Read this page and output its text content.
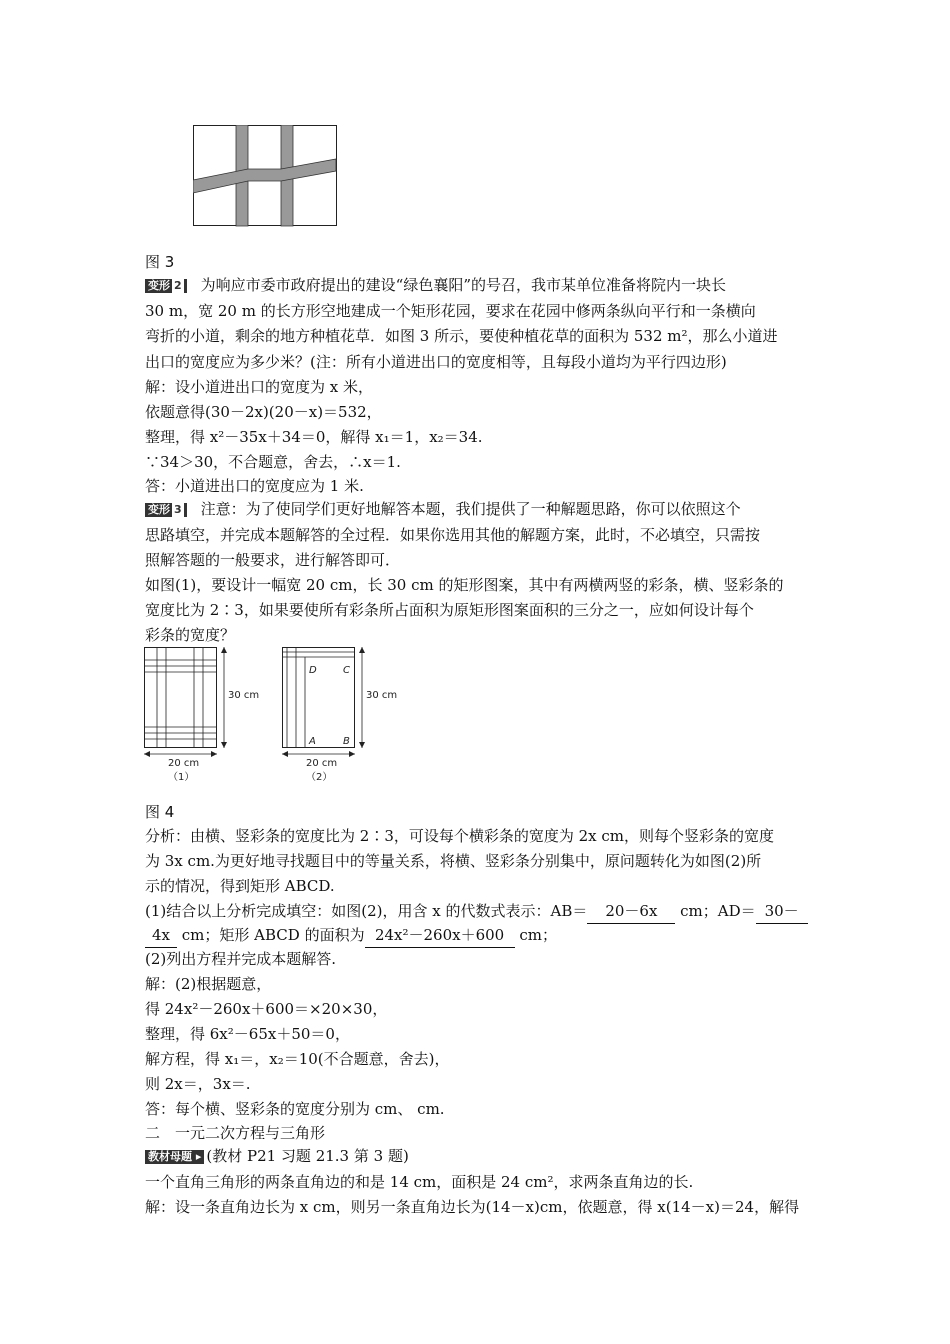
图 3
变形 2 为响应市委市政府提出的建设“绿色襄阳”的号召，我市某单位准备将院内一块长
30 m，宽 20 m 的长方形空地建成一个矩形花园，要求在花园中修两条纵向平行和一条横向
弯折的小道，剩余的地方种植花草．如图 3 所示，要使种植花草的面积为 532 m²，那么小道进
出口的宽度应为多少米？(注：所有小道进出口的宽度相等，且每段小道均为平行四边形)
解：设小道进出口的宽度为 x 米，
依题意得(30－2x)(20－x)＝532，
整理，得 x²－35x＋34＝0，解得 x₁＝1，x₂＝34.
∵34＞30，不合题意，舍去，∴x＝1.
答：小道进出口的宽度应为 1 米.
变形 3 注意：为了使同学们更好地解答本题，我们提供了一种解题思路，你可以依照这个
思路填空，并完成本题解答的全过程．如果你选用其他的解题方案，此时，不必填空，只需按
照解答题的一般要求，进行解答即可．
如图(1)，要设计一幅宽 20 cm，长 30 cm 的矩形图案，其中有两横两竖的彩条，横、竖彩条的
宽度比为 2∶3，如果要使所有彩条所占面积为原矩形图案面积的三分之一，应如何设计每个
彩条的宽度？
30 cm
20 cm
（1）
D	C
A	B
30 cm
20 cm
（2）
图 4
分析：由横、竖彩条的宽度比为 2∶3，可设每个横彩条的宽度为 2x cm，则每个竖彩条的宽度
为 3x cm.为更好地寻找题目中的等量关系，将横、竖彩条分别集中，原问题转化为如图(2)所
示的情况，得到矩形 ABCD.
(1)结合以上分析完成填空：如图(2)，用含 x 的代数式表示：AB＝ 20－6x cm；AD＝ 30－
4x cm；矩形 ABCD 的面积为 24x²－260x＋600 cm；
(2)列出方程并完成本题解答.
解：(2)根据题意，
得 24x²－260x＋600＝×20×30，
整理，得 6x²－65x＋50＝0，
解方程，得 x₁＝，x₂＝10(不合题意，舍去)，
则 2x＝，3x＝.
答：每个横、竖彩条的宽度分别为 cm、 cm.
二　一元二次方程与三角形
教材母题 ▸ (教材 P21 习题 21.3 第 3 题)
一个直角三角形的两条直角边的和是 14 cm，面积是 24 cm²，求两条直角边的长.
解：设一条直角边长为 x cm，则另一条直角边长为(14－x)cm，依题意，得 x(14－x)＝24，解得
